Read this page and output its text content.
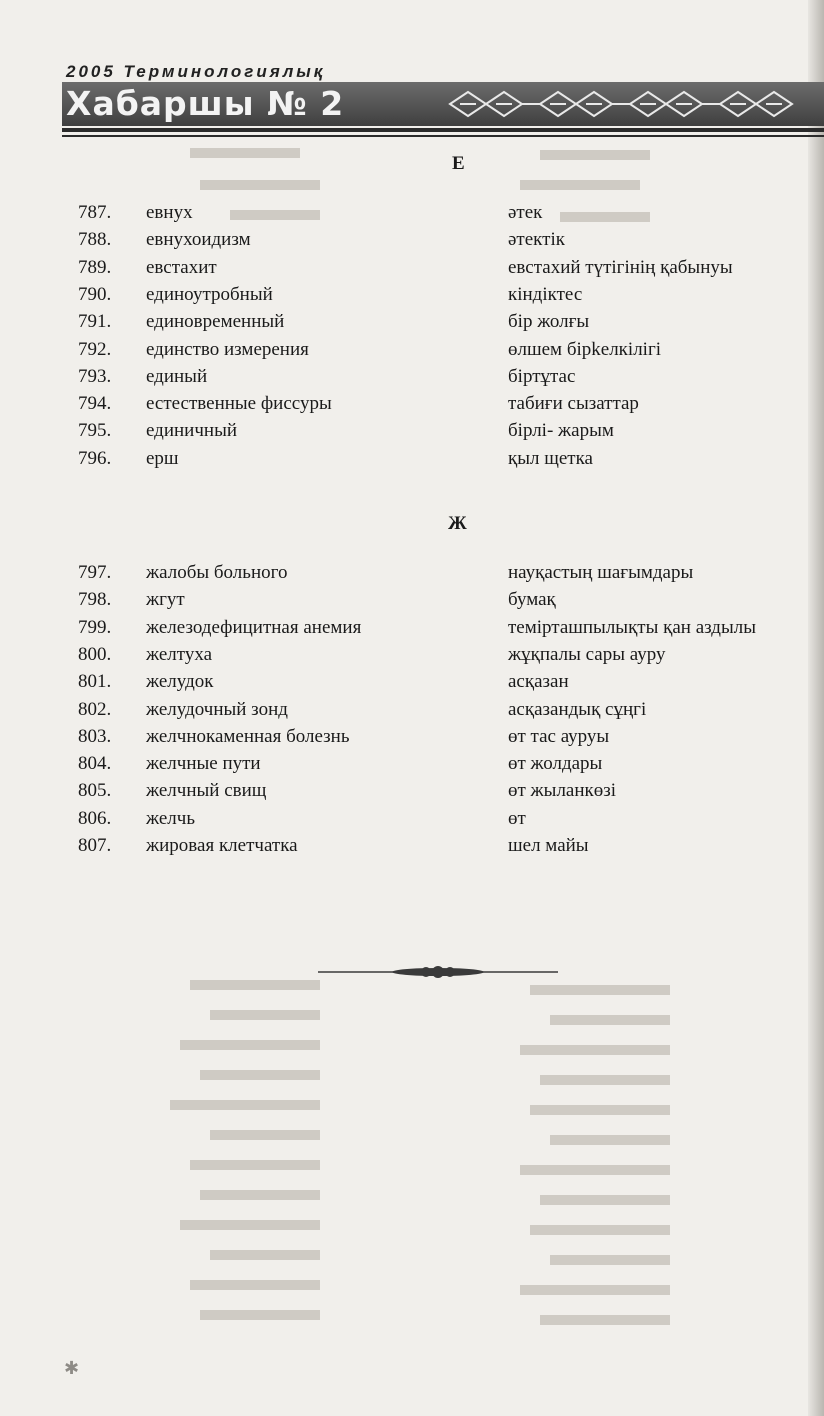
2005 Терминологиялық
Хабаршы № 2
Е
787. евнух	әтек
788. евнухоидизм	әтектік
789. евстахит	евстахий түтігінің қабынуы
790. единоутробный	кіндіктес
791. единовременный	бір жолғы
792. единство измерения	өлшем бірkелкілігі
793. единый	біртұтас
794. естественные фиссуры	табиғи сызаттар
795. единичный	бірлі- жарым
796. ерш	қыл щетка
Ж
797. жалобы больного	науқастың шағымдары
798. жгут	бумақ
799. железодефицитная анемия	темірташпылықты қан аздылы
800. желтуха	жұқпалы сары ауру
801. желудок	асқазан
802. желудочный зонд	асқазандық сұңгі
803. желчнокаменная болезнь	өт тас ауруы
804. желчные пути	өт жолдары
805. желчный свищ	өт жыланкөзі
806. желчь	өт
807. жировая клетчатка	шел майы
✱
